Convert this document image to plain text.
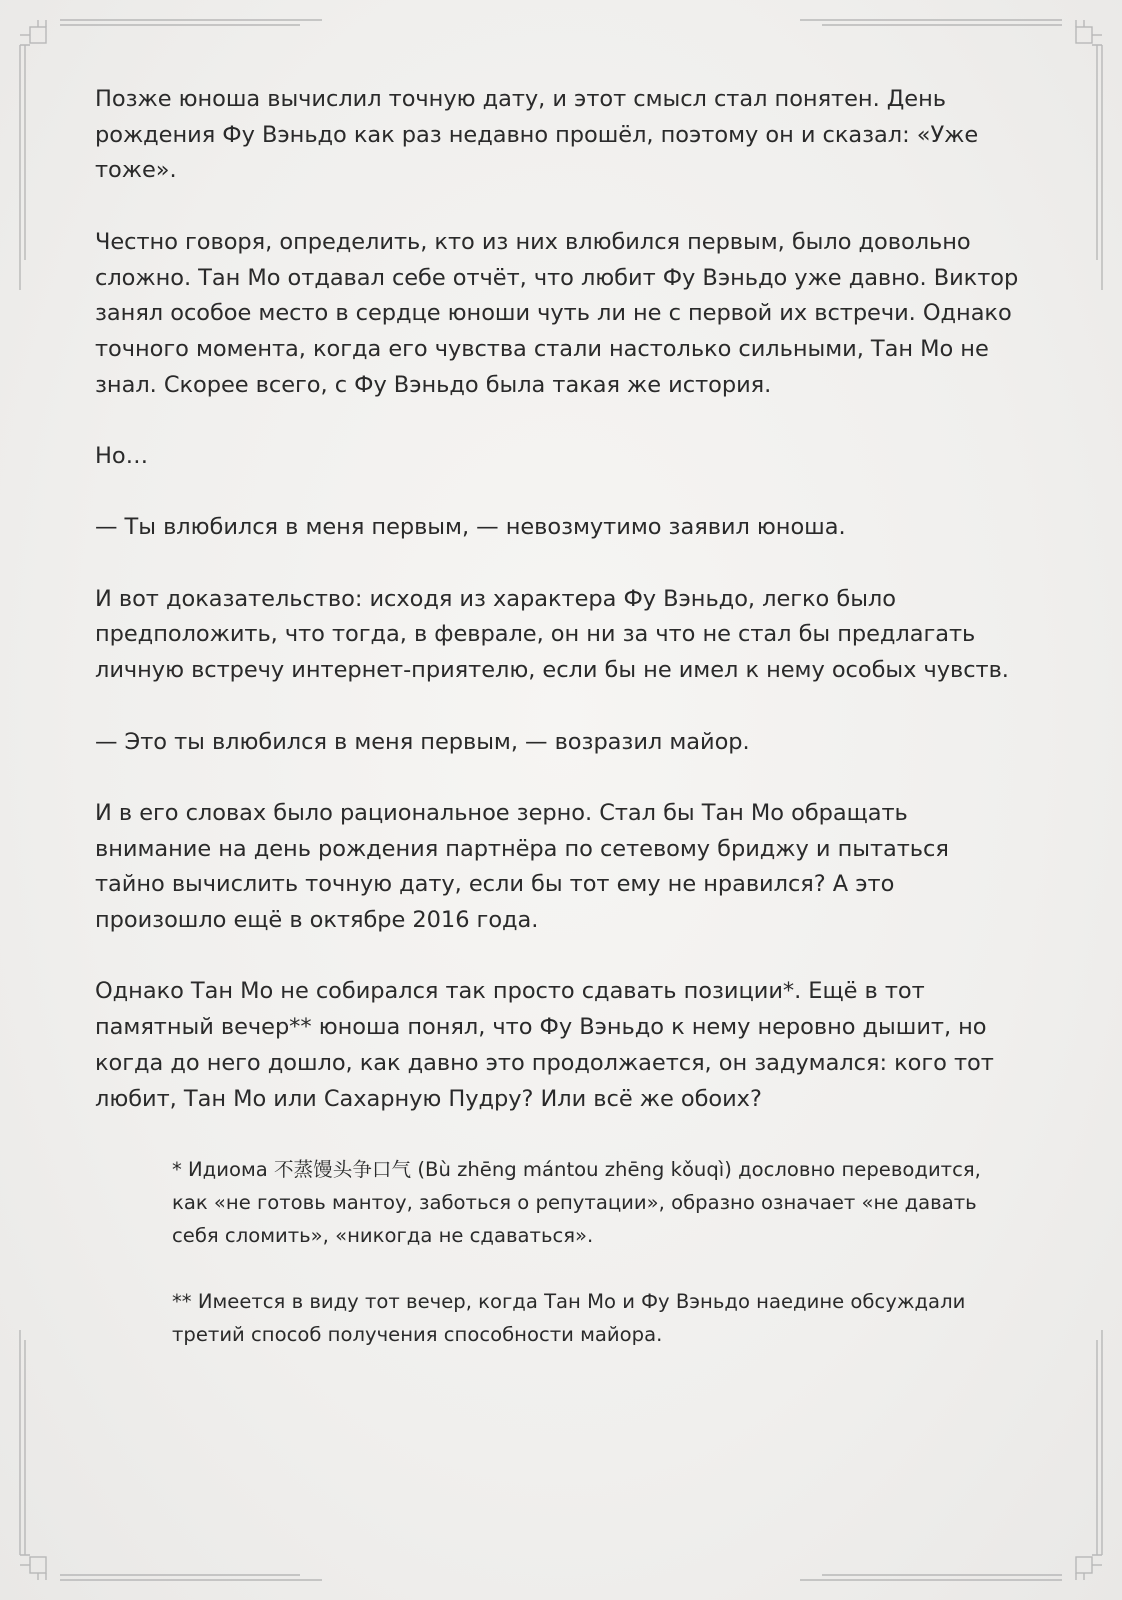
Позже юноша вычислил точную дату, и этот смысл стал понятен. День рождения Фу Вэньдо как раз недавно прошёл, поэтому он и сказал: «Уже тоже».

Честно говоря, определить, кто из них влюбился первым, было довольно сложно. Тан Мо отдавал себе отчёт, что любит Фу Вэньдо уже давно. Виктор занял особое место в сердце юноши чуть ли не с первой их встречи. Однако точного момента, когда его чувства стали настолько сильными, Тан Мо не знал. Скорее всего, с Фу Вэньдо была такая же история.

Но…

— Ты влюбился в меня первым, — невозмутимо заявил юноша.

И вот доказательство: исходя из характера Фу Вэньдо, легко было предположить, что тогда, в феврале, он ни за что не стал бы предлагать личную встречу интернет-приятелю, если бы не имел к нему особых чувств.

— Это ты влюбился в меня первым, — возразил майор.

И в его словах было рациональное зерно. Стал бы Тан Мо обращать внимание на день рождения партнёра по сетевому бриджу и пытаться тайно вычислить точную дату, если бы тот ему не нравился? А это произошло ещё в октябре 2016 года.

Однако Тан Мо не собирался так просто сдавать позиции*. Ещё в тот памятный вечер** юноша понял, что Фу Вэньдо к нему неровно дышит, но когда до него дошло, как давно это продолжается, он задумался: кого тот любит, Тан Мо или Сахарную Пудру? Или всё же обоих?

* Идиома 不蒸馒头争口气 (Bù zhēng mántou zhēng kǒuqì) дословно переводится, как «не готовь мантоу, заботься о репутации», образно означает «не давать себя сломить», «никогда не сдаваться».

** Имеется в виду тот вечер, когда Тан Мо и Фу Вэньдо наедине обсуждали третий способ получения способности майора.
